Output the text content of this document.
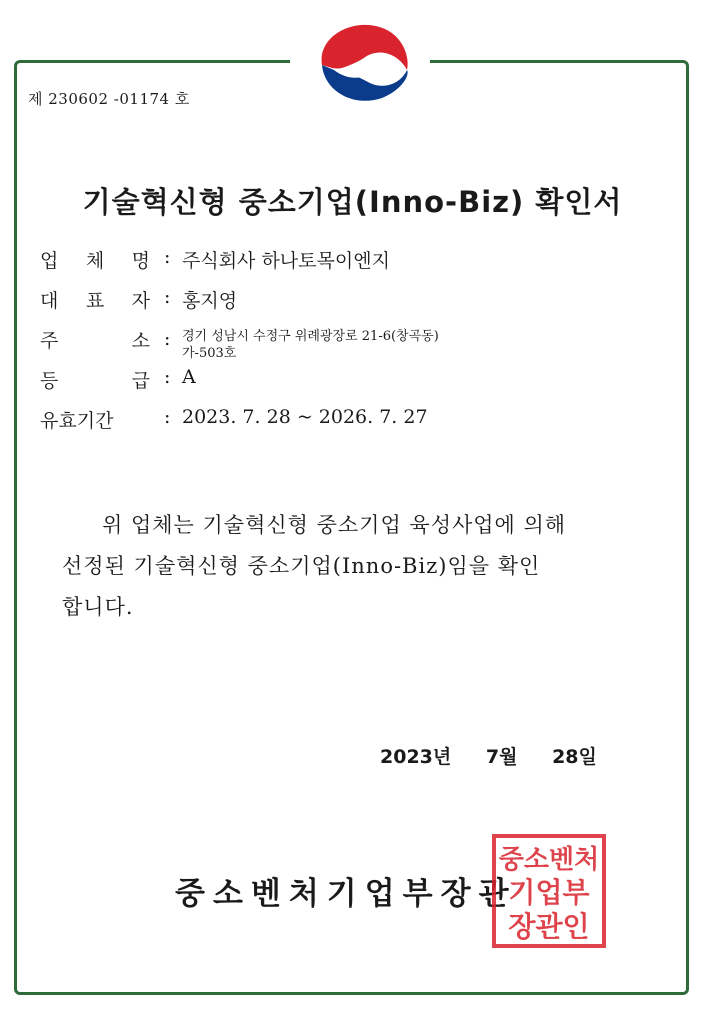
제 230602 -01174 호
기술혁신형 중소기업(Inno-Biz) 확인서
업 체 명 : 주식회사 하나토목이엔지
대 표 자 : 홍지영
주	소 : 경기 성남시 수정구 위례광장로 21-6(창곡동)
가-503호
등	급 : A
유 효 기 간	: 2023. 7. 28 ~ 2026. 7. 27

위 업체는 기술혁신형 중소기업 육성사업에 의해

선정된 기술혁신형 중소기업(Inno-Biz)임을 확인

합니다.

2023년 7월 28일
중소벤처기업부장관
중소벤처
기업부
장관인
